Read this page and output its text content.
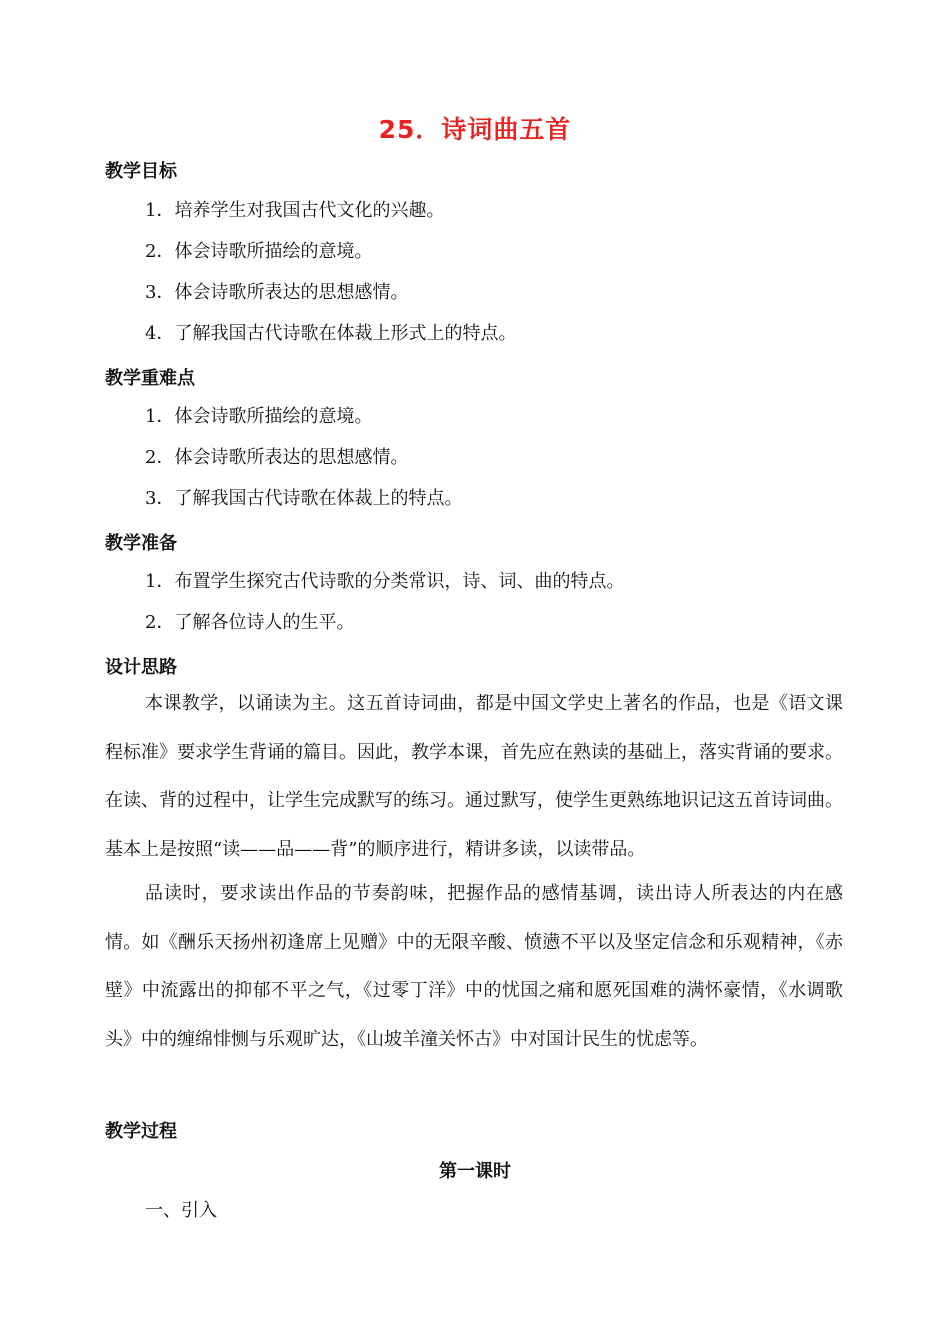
25．诗词曲五首
教学目标
1．培养学生对我国古代文化的兴趣。
2．体会诗歌所描绘的意境。
3．体会诗歌所表达的思想感情。
4．了解我国古代诗歌在体裁上形式上的特点。
教学重难点
1．体会诗歌所描绘的意境。
2．体会诗歌所表达的思想感情。
3．了解我国古代诗歌在体裁上的特点。
教学准备
1．布置学生探究古代诗歌的分类常识，诗、词、曲的特点。
2．了解各位诗人的生平。
设计思路
本课教学，以诵读为主。这五首诗词曲，都是中国文学史上著名的作品，也是《语文课程标准》要求学生背诵的篇目。因此，教学本课，首先应在熟读的基础上，落实背诵的要求。在读、背的过程中，让学生完成默写的练习。通过默写，使学生更熟练地识记这五首诗词曲。基本上是按照“读——品——背”的顺序进行，精讲多读，以读带品。
品读时，要求读出作品的节奏韵味，把握作品的感情基调，读出诗人所表达的内在感情。如《酬乐天扬州初逢席上见赠》中的无限辛酸、愤懑不平以及坚定信念和乐观精神，《赤壁》中流露出的抑郁不平之气，《过零丁洋》中的忧国之痛和愿死国难的满怀豪情，《水调歌头》中的缠绵悱恻与乐观旷达，《山坡羊潼关怀古》中对国计民生的忧虑等。
教学过程
第一课时
一、引入
